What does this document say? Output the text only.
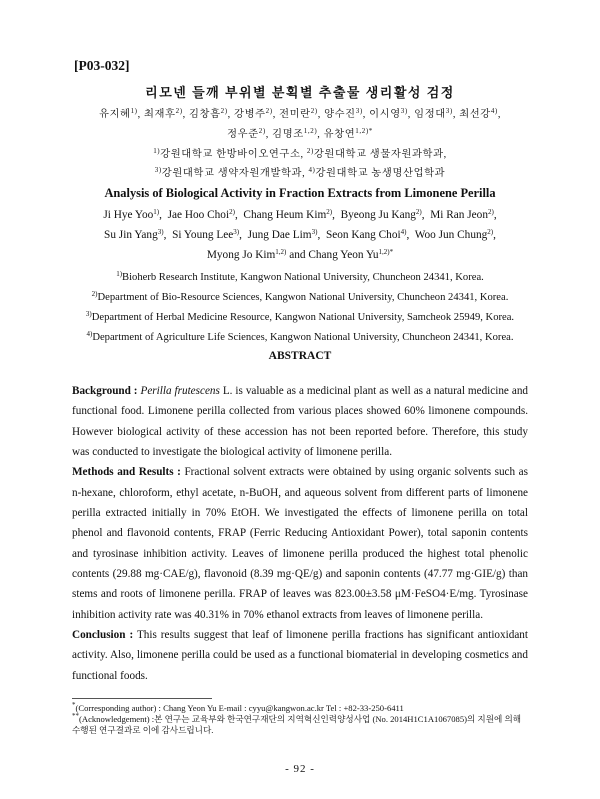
[P03-032]
리모넨 들깨 부위별 분획별 추출물 생리활성 검정
유지혜$^{1)}$, 최재후$^{2)}$, 김창흠$^{2)}$, 강병주$^{2)}$, 전미란$^{2)}$, 양수진$^{3)}$, 이시영$^{3)}$, 임정대$^{3)}$, 최선강$^{4)}$,
정우준$^{2)}$, 김명조$^{1,2)}$, 유창연$^{1,2)*}$
$^{1)}$강원대학교 한방바이오연구소, $^{2)}$강원대학교 생물자원과학과,
$^{3)}$강원대학교 생약자원개발학과, $^{4)}$강원대학교 농생명산업학과
Analysis of Biological Activity in Fraction Extracts from Limonene Perilla
Ji Hye Yoo$^{1)}$,  Jae Hoo Choi$^{2)}$,  Chang Heum Kim$^{2)}$,  Byeong Ju Kang$^{2)}$,  Mi Ran Jeon$^{2)}$,
Su Jin Yang$^{3)}$,  Si Young Lee$^{3)}$,  Jung Dae Lim$^{3)}$,  Seon Kang Choi$^{4)}$,  Woo Jun Chung$^{2)}$,
Myong Jo Kim$^{1,2)}$ and Chang Yeon $Yu^{1,2)*}$
$^{1)}$Bioherb Research Institute, Kangwon National University, Chuncheon 24341, Korea.
$^{2)}$Department of Bio-Resource Sciences, Kangwon National University, Chuncheon 24341, Korea.
$^{3)}$Department of Herbal Medicine Resource, Kangwon National University, Samcheok 25949, Korea.
$^{4)}$Department of Agriculture Life Sciences, Kangwon National University, Chuncheon 24341, Korea.
ABSTRACT

Background : Perilla frutescens L. is valuable as a medicinal plant as well as a natural medicine and functional food. Limonene perilla collected from various places showed 60% limonene compounds. However biological activity of these accession has not been reported before. Therefore, this study was conducted to investigate the biological activity of limonene perilla.

Methods and Results : Fractional solvent extracts were obtained by using organic solvents such as n-hexane, chloroform, ethyl acetate, n-BuOH, and aqueous solvent from different parts of limonene perilla extracted initially in 70% EtOH. We investigated the effects of limonene perilla on total phenol and flavonoid contents, FRAP (Ferric Reducing Antioxidant Power), total saponin contents and tyrosinase inhibition activity. Leaves of limonene perilla produced the highest total phenolic contents (29.88 mg·CAE/g), flavonoid (8.39 mg·QE/g) and saponin contents (47.77 mg·GIE/g) than stems and roots of limonene perilla. FRAP of leaves was 823.00±3.58 μM·FeSO4·E/mg. Tyrosinase inhibition activity rate was 40.31% in 70% ethanol extracts from leaves of limonene perilla.

Conclusion : This results suggest that leaf of limonene perilla fractions has significant antioxidant activity. Also, limonene perilla could be used as a functional biomaterial in developing cosmetics and functional foods.

*(Corresponding author) : Chang Yeon Yu E-mail : cyyu@kangwon.ac.kr Tel : +82-33-250-6411
**(Acknowledgement) :본 연구는 교육부와 한국연구재단의 지역혁신인력양성사업 (No. 2014H1C1A1067085)의 지원에 의해 수행된 연구결과로 이에 감사드립니다.
- 92 -
